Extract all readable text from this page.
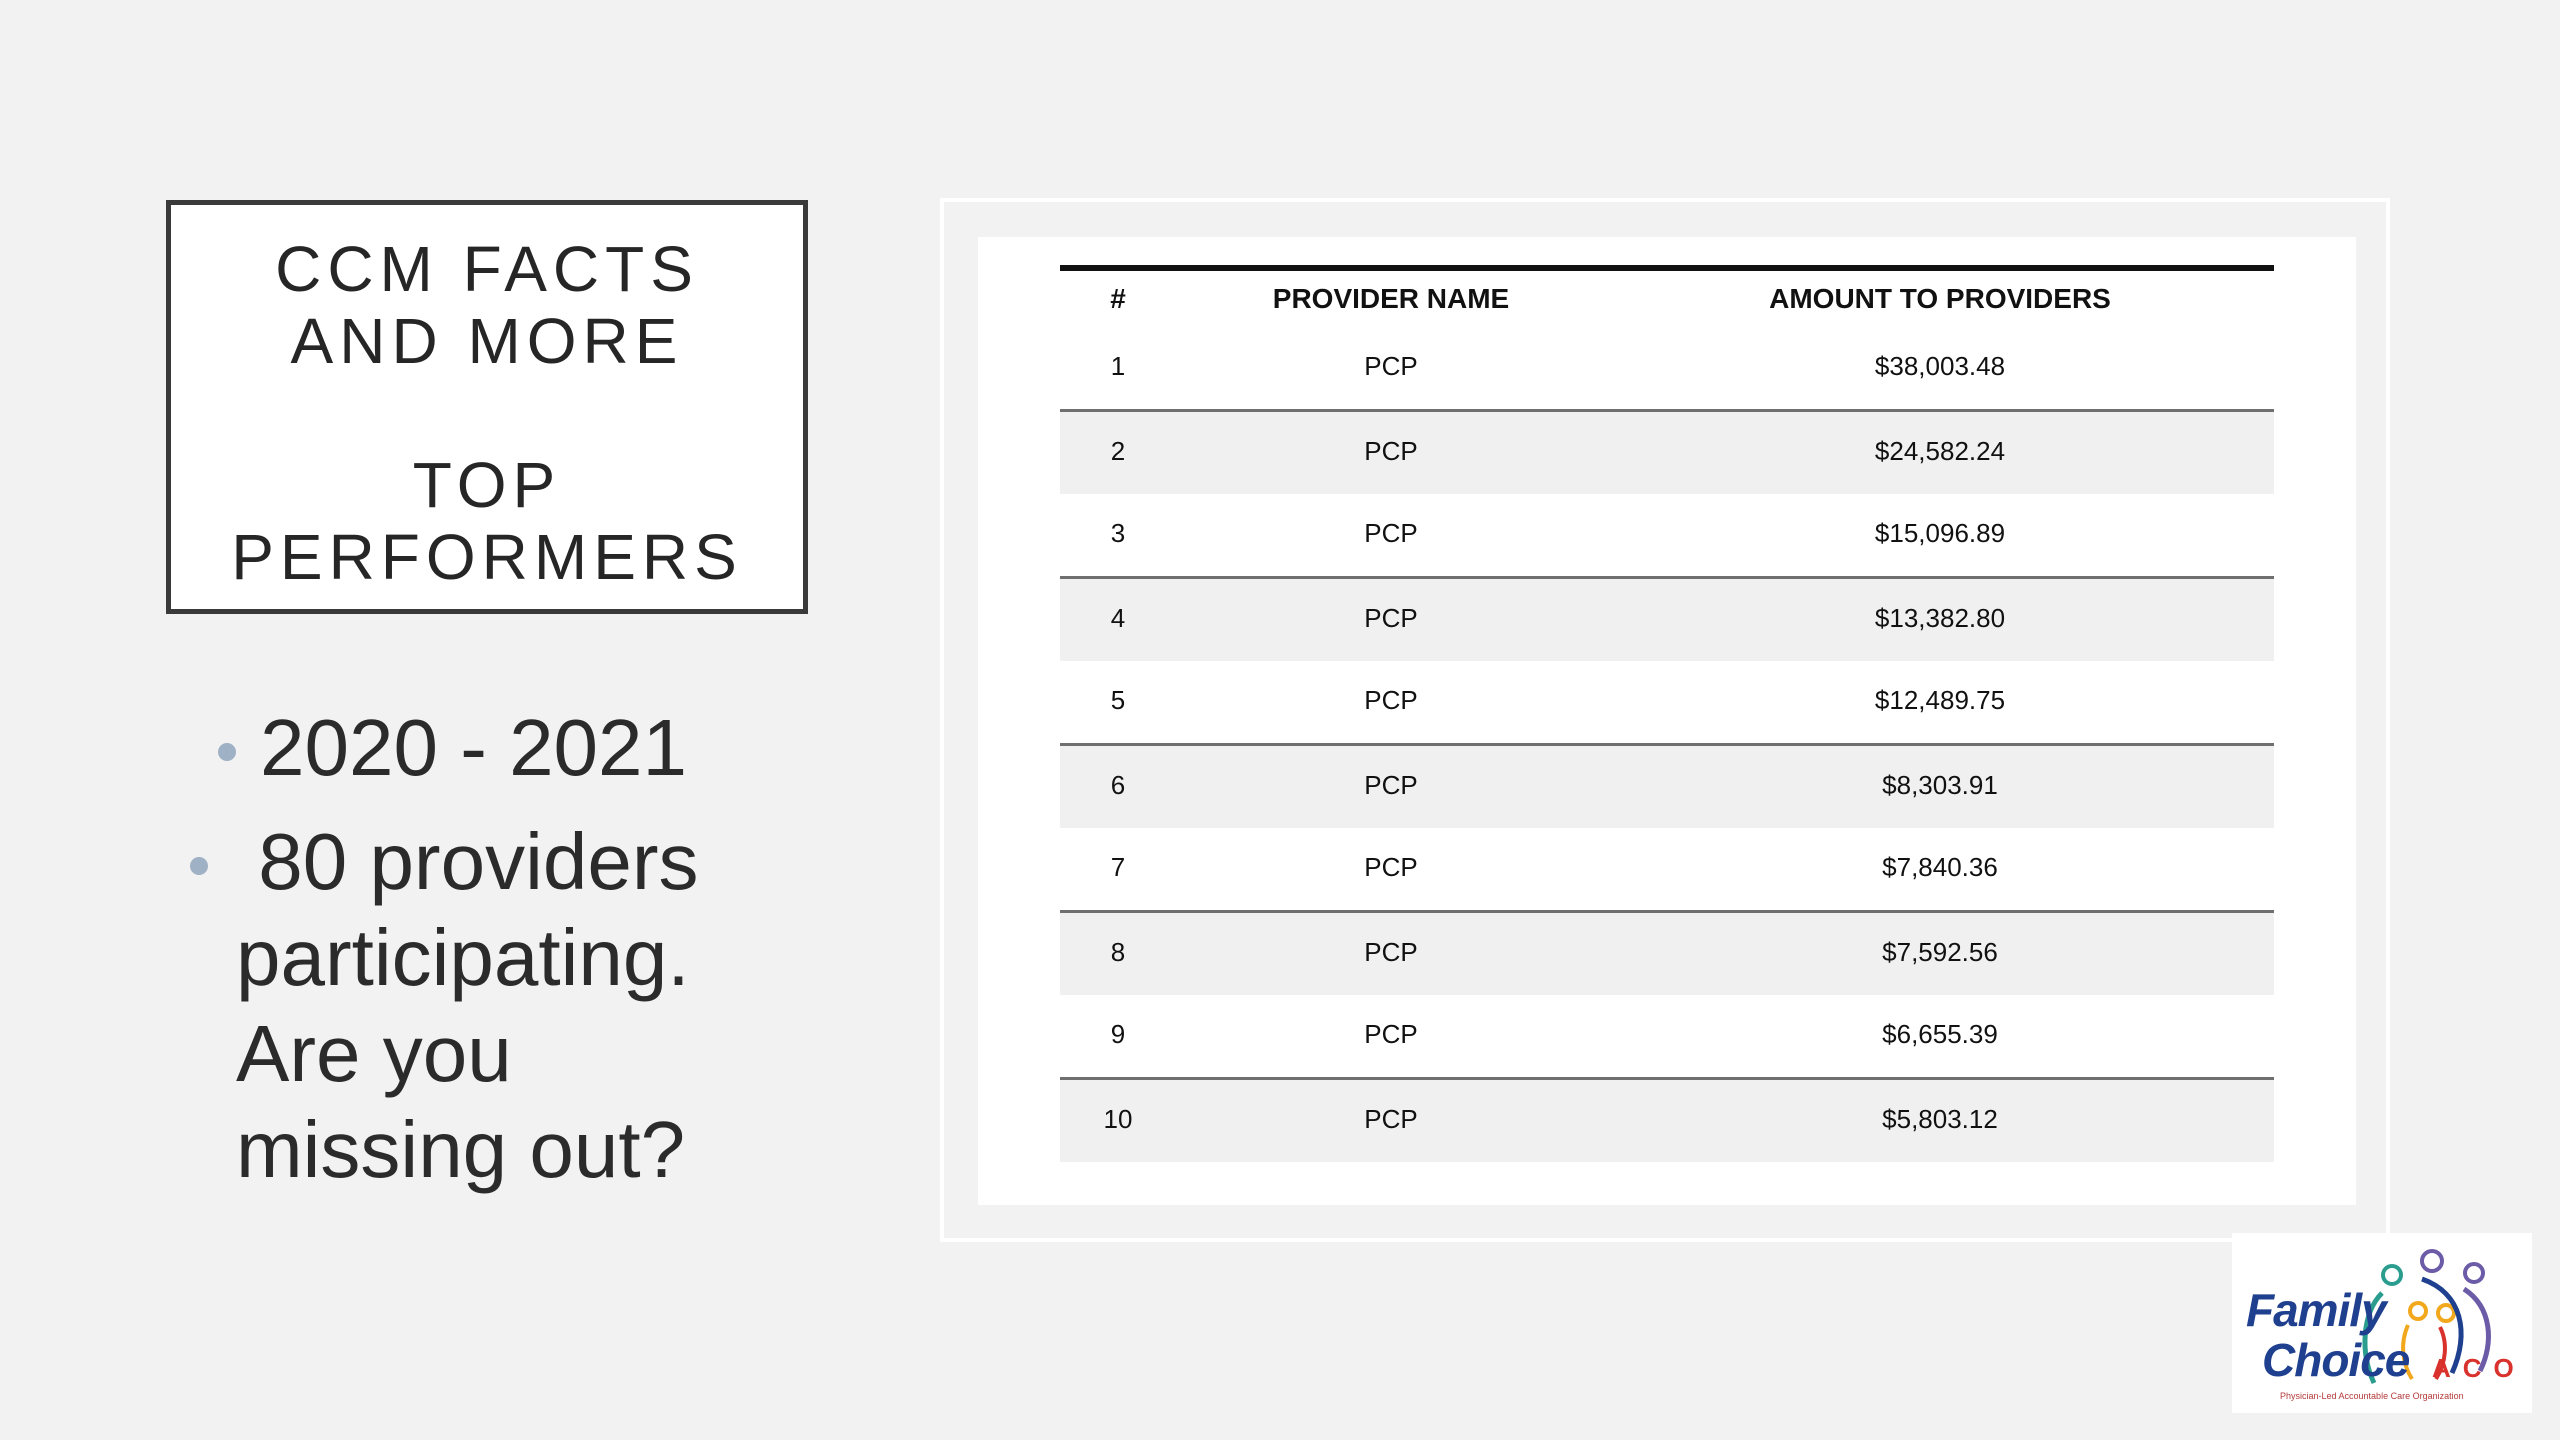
CCM FACTS
AND MORE
TOP
PERFORMERS
2020 - 2021
80 providers
participating.
Are you
missing out?
#	PROVIDER NAME	AMOUNT TO PROVIDERS
1	PCP	$38,003.48
2	PCP	$24,582.24
3	PCP	$15,096.89
4	PCP	$13,382.80
5	PCP	$12,489.75
6	PCP	$8,303.91
7	PCP	$7,840.36
8	PCP	$7,592.56
9	PCP	$6,655.39
10	PCP	$5,803.12
Family
Choice ACO
Physician-Led Accountable Care Organization
